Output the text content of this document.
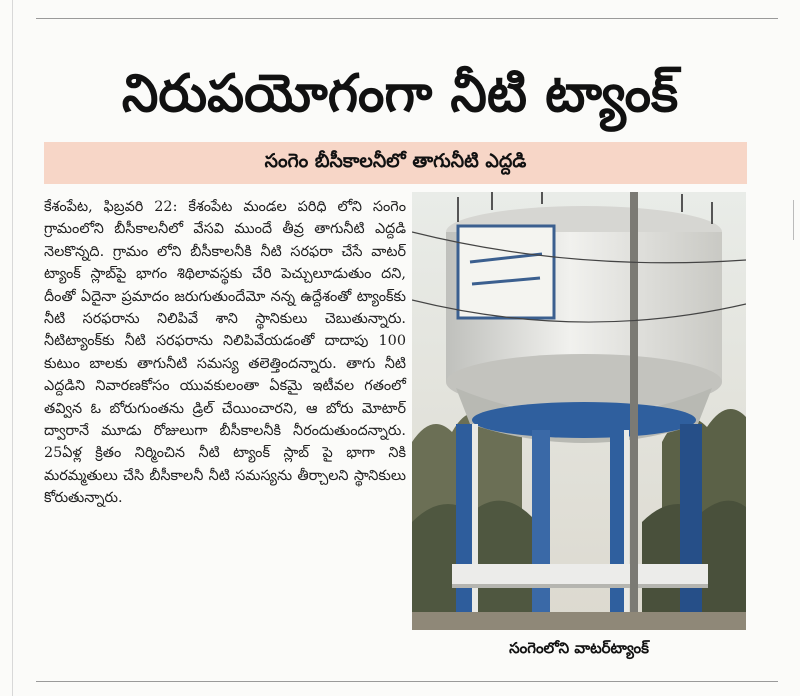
నిరుపయోగంగా నీటి ట్యాంక్
సంగెం బీసీకాలనీలో తాగునీటి ఎద్దడి

కేశంపేట, ఫిబ్రవరి 22: కేశంపేట మండల పరిధి లోని సంగెం గ్రామంలోని బీసీకాలనీలో వేసవి ముందే తీవ్ర తాగునీటి ఎద్దడి నెలకొన్నది. గ్రామం లోని బీసీకాలనీకి నీటి సరఫరా చేసే వాటర్ ట్యాంక్ స్లాబ్‌పై భాగం శిథిలావస్థకు చేరి పెచ్చులూడుతుం దని, దీంతో ఏదైనా ప్రమాదం జరుగుతుందేమో నన్న ఉద్దేశంతో ట్యాంక్‌కు నీటి సరఫరాను నిలిపివే శాని స్థానికులు చెబుతున్నారు. నీటిట్యాంక్‌కు నీటి సరఫరాను నిలిపివేయడంతో దాదాపు 100 కుటుం బాలకు తాగునీటి సమస్య తలెత్తిందన్నారు. తాగు నీటి ఎద్దడిని నివారణకోసం యువకులంతా ఏకమై ఇటీవల గతంలో తవ్విన ఓ బోరుగుంతను డ్రిల్ చేయించారని, ఆ బోరు మోటార్ ద్వారానే మూడు రోజులుగా బీసీకాలనీకి నీరందుతుందన్నారు. 25ఏళ్ల క్రితం నిర్మించిన నీటి ట్యాంక్ స్లాబ్ పై భాగా నికి మరమ్మతులు చేసి బీసీకాలనీ నీటి సమస్యను తీర్చాలని స్థానికులు కోరుతున్నారు.

సంగెంలోని వాటర్‌ట్యాంక్
